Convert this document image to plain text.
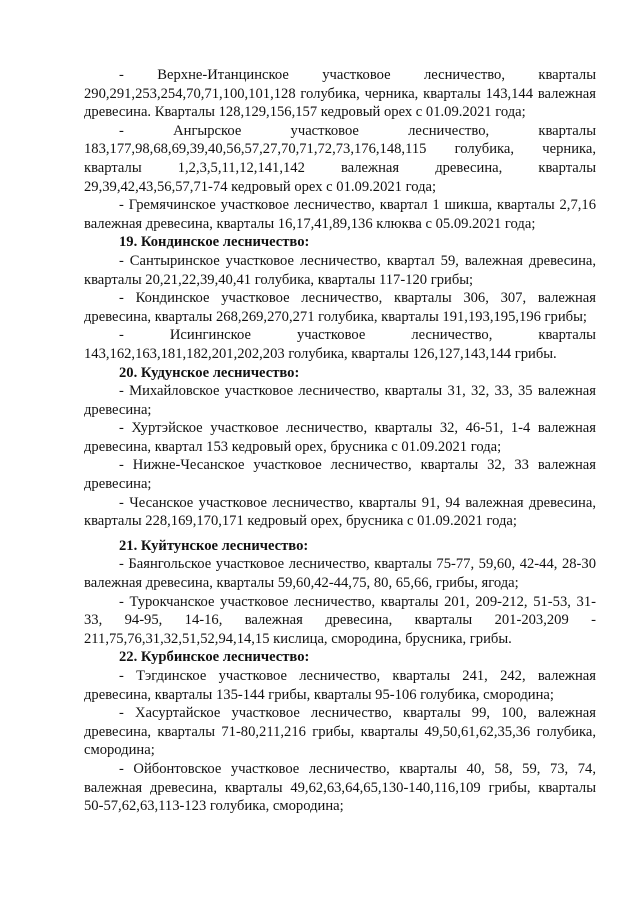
- Верхне-Итанцинское участковое лесничество, кварталы 290,291,253,254,70,71,100,101,128 голубика, черника, кварталы 143,144 валежная древесина. Кварталы 128,129,156,157 кедровый орех с 01.09.2021 года;

- Ангырское участковое лесничество, кварталы 183,177,98,68,69,39,40,56,57,27,70,71,72,73,176,148,115 голубика, черника, кварталы 1,2,3,5,11,12,141,142 валежная древесина, кварталы 29,39,42,43,56,57,71-74 кедровый орех с 01.09.2021 года;

- Гремячинское участковое лесничество, квартал 1 шикша, кварталы 2,7,16 валежная древесина, кварталы 16,17,41,89,136 клюква с 05.09.2021 года;

19. Кондинское лесничество:

- Сантыринское участковое лесничество, квартал 59, валежная древесина, кварталы 20,21,22,39,40,41 голубика, кварталы 117-120 грибы;

- Кондинское участковое лесничество, кварталы 306, 307, валежная древесина, кварталы 268,269,270,271 голубика, кварталы 191,193,195,196 грибы;

- Исингинское участковое лесничество, кварталы 143,162,163,181,182,201,202,203 голубика, кварталы 126,127,143,144 грибы.

20. Кудунское лесничество:

- Михайловское участковое лесничество, кварталы 31, 32, 33, 35 валежная древесина;

- Хуртэйское участковое лесничество, кварталы 32, 46-51, 1-4 валежная древесина, квартал 153 кедровый орех, брусника с 01.09.2021 года;

- Нижне-Чесанское участковое лесничество, кварталы 32, 33 валежная древесина;

- Чесанское участковое лесничество, кварталы 91, 94 валежная древесина, кварталы 228,169,170,171 кедровый орех, брусника с 01.09.2021 года;

21. Куйтунское лесничество:

- Баянгольское участковое лесничество, кварталы 75-77, 59,60, 42-44, 28-30 валежная древесина, кварталы 59,60,42-44,75, 80, 65,66, грибы, ягода;

- Турокчанское участковое лесничество, кварталы 201, 209-212, 51-53, 31-33, 94-95, 14-16, валежная древесина, кварталы 201-203,209 - 211,75,76,31,32,51,52,94,14,15 кислица, смородина, брусника, грибы.

22. Курбинское лесничество:

- Тэгдинское участковое лесничество, кварталы 241, 242, валежная древесина, кварталы 135-144 грибы, кварталы 95-106 голубика, смородина;

- Хасуртайское участковое лесничество, кварталы 99, 100, валежная древесина, кварталы 71-80,211,216 грибы, кварталы 49,50,61,62,35,36 голубика, смородина;

- Ойбонтовское участковое лесничество, кварталы 40, 58, 59, 73, 74, валежная древесина, кварталы 49,62,63,64,65,130-140,116,109 грибы, кварталы 50-57,62,63,113-123 голубика, смородина;
